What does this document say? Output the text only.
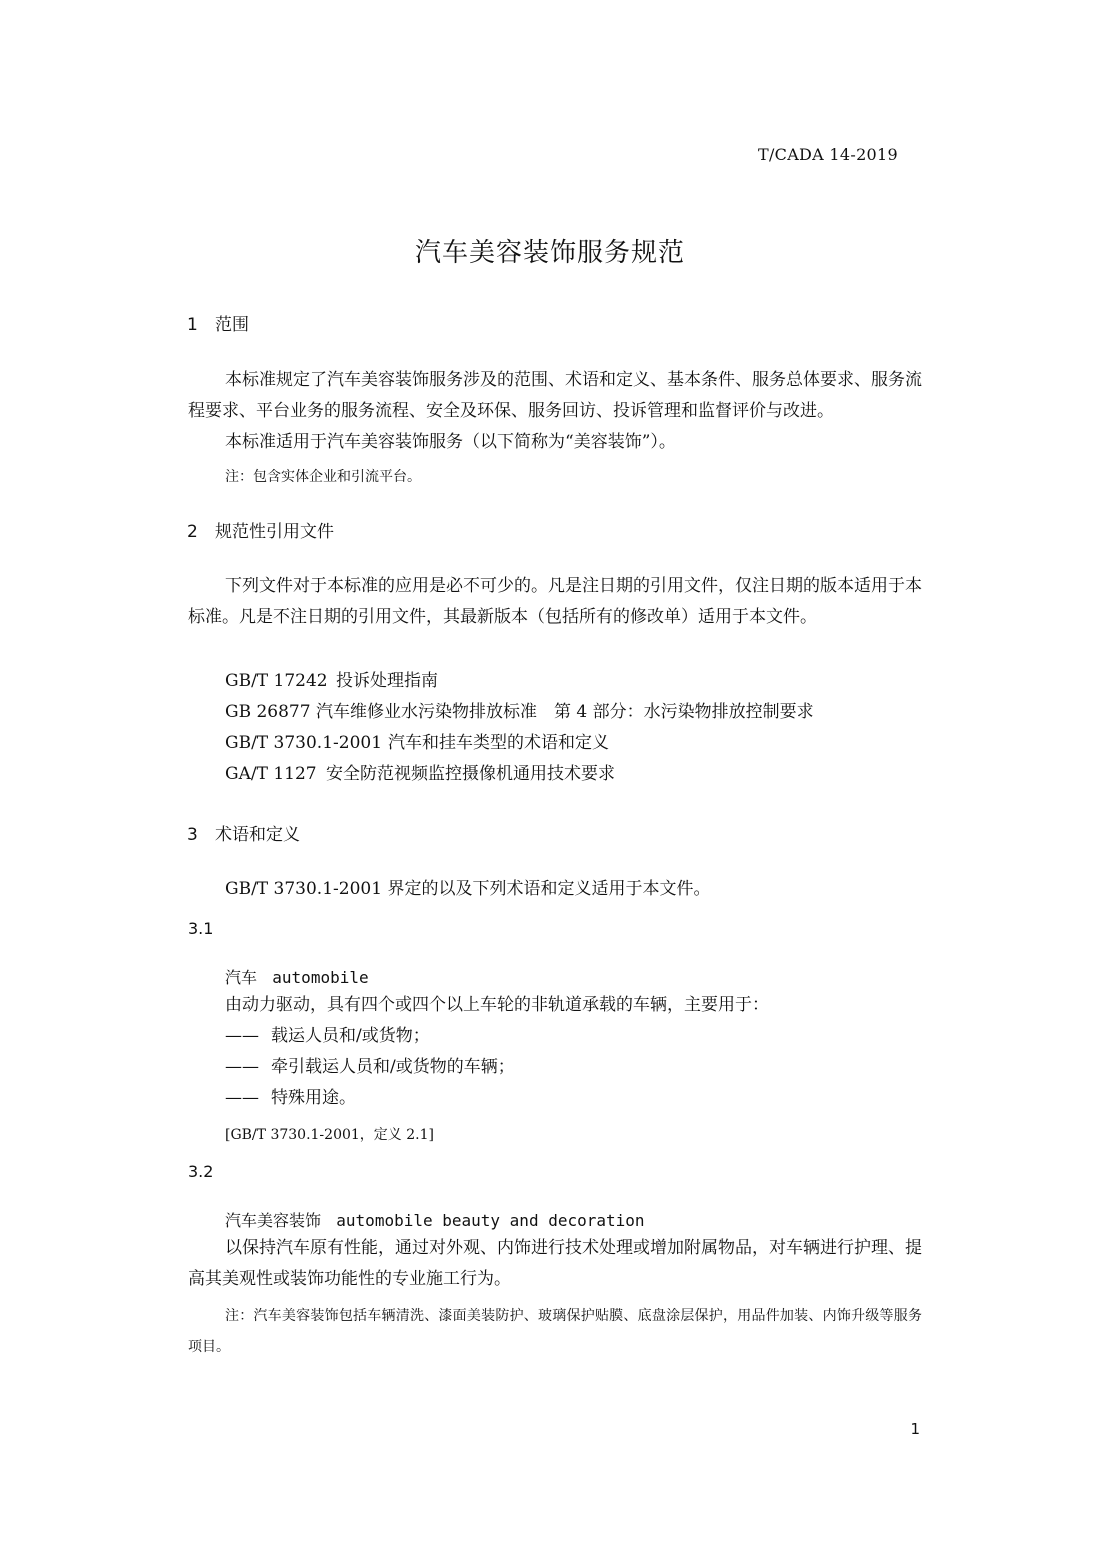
T/CADA 14-2019
汽车美容装饰服务规范
1 范围
本标准规定了汽车美容装饰服务涉及的范围、术语和定义、基本条件、服务总体要求、服务流程要求、平台业务的服务流程、安全及环保、服务回访、投诉管理和监督评价与改进。
本标准适用于汽车美容装饰服务（以下简称为“美容装饰”）。
注：包含实体企业和引流平台。
2 规范性引用文件
下列文件对于本标准的应用是必不可少的。凡是注日期的引用文件，仅注日期的版本适用于本标准。凡是不注日期的引用文件，其最新版本（包括所有的修改单）适用于本文件。
GB/T 17242 投诉处理指南
GB 26877 汽车维修业水污染物排放标准　第 4 部分：水污染物排放控制要求
GB/T 3730.1-2001 汽车和挂车类型的术语和定义
GA/T 1127 安全防范视频监控摄像机通用技术要求
3 术语和定义
GB/T 3730.1-2001 界定的以及下列术语和定义适用于本文件。
3.1
汽车 automobile
由动力驱动，具有四个或四个以上车轮的非轨道承载的车辆，主要用于：
—— 载运人员和/或货物；
—— 牵引载运人员和/或货物的车辆；
—— 特殊用途。
[GB/T 3730.1-2001，定义 2.1]
3.2
汽车美容装饰 automobile beauty and decoration
以保持汽车原有性能，通过对外观、内饰进行技术处理或增加附属物品，对车辆进行护理、提高其美观性或装饰功能性的专业施工行为。
注：汽车美容装饰包括车辆清洗、漆面美装防护、玻璃保护贴膜、底盘涂层保护，用品件加装、内饰升级等服务项目。
1
